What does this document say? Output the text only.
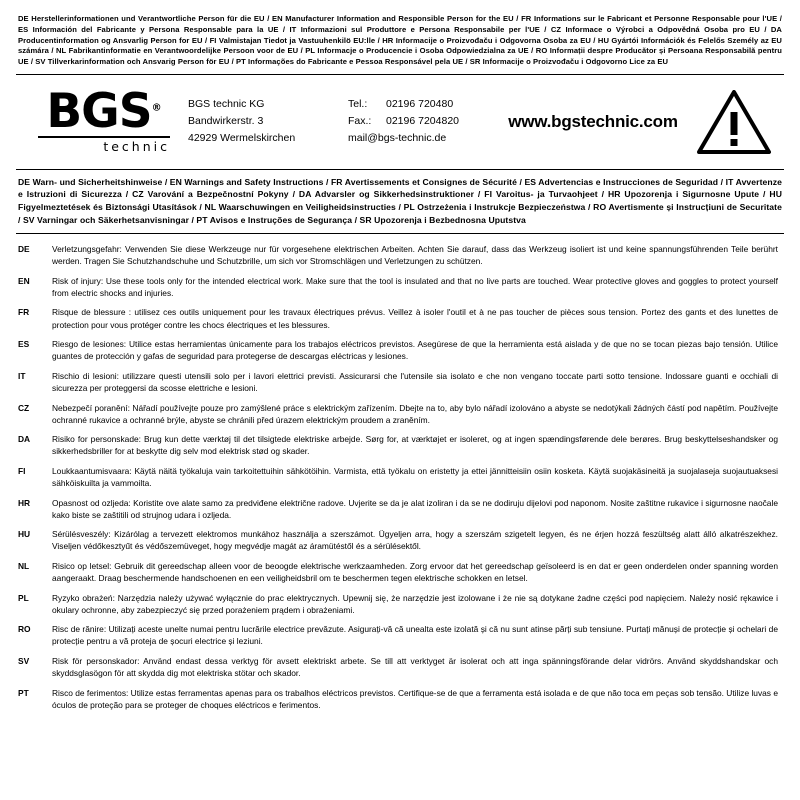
DE Herstellerinformationen und Verantwortliche Person für die EU / EN Manufacturer Information and Responsible Person for the EU / FR Informations sur le Fabricant et Personne Responsable pour l'UE / ES Información del Fabricante y Persona Responsable para la UE / IT Informazioni sul Produttore e Persona Responsabile per l'UE / CZ Informace o Výrobci a Odpovědná Osoba pro EU / DA Producentinformation og Ansvarlig Person for EU / FI Valmistajan Tiedot ja Vastuuhenkilö EU:lle / HR Informacije o Proizvođaču i Odgovorna Osoba za EU / HU Gyártói Információk és Felelős Személy az EU számára / NL Fabrikantinformatie en Verantwoordelijke Persoon voor de EU / PL Informacje o Producencie i Osoba Odpowiedzialna za UE / RO Informații despre Producător și Persoana Responsabilă pentru UE / SV Tillverkarinformation och Ansvarig Person för EU / PT Informações do Fabricante e Pessoa Responsável pela UE / SR Informacije o Proizvođaču i Odgovorno Lice za EU
BGS®
technic
BGS technic KG
Bandwirkerstr. 3
42929 Wermelskirchen
Tel.:	02196 720480
Fax.:	02196 7204820
mail@bgs-technic.de
www.bgstechnic.com
DE Warn- und Sicherheitshinweise / EN Warnings and Safety Instructions / FR Avertissements et Consignes de Sécurité / ES Advertencias e Instrucciones de Seguridad / IT Avvertenze e Istruzioni di Sicurezza / CZ Varování a Bezpečnostní Pokyny / DA Advarsler og Sikkerhedsinstruktioner / FI Varoitus- ja Turvaohjeet / HR Upozorenja i Sigurnosne Upute / HU Figyelmeztetések és Biztonsági Utasítások / NL Waarschuwingen en Veiligheidsinstructies / PL Ostrzeżenia i Instrukcje Bezpieczeństwa / RO Avertismente și Instrucțiuni de Securitate / SV Varningar och Säkerhetsanvisningar / PT Avisos e Instruções de Segurança / SR Upozorenja i Bezbednosna Uputstva
DE	Verletzungsgefahr: Verwenden Sie diese Werkzeuge nur für vorgesehene elektrischen Arbeiten. Achten Sie darauf, dass das Werkzeug isoliert ist und keine spannungsführenden Teile berührt werden. Tragen Sie Schutzhandschuhe und Schutzbrille, um sich vor Stromschlägen und Verletzungen zu schützen.
EN	Risk of injury: Use these tools only for the intended electrical work. Make sure that the tool is insulated and that no live parts are touched. Wear protective gloves and goggles to protect yourself from electric shocks and injuries.
FR	Risque de blessure : utilisez ces outils uniquement pour les travaux électriques prévus. Veillez à isoler l'outil et à ne pas toucher de pièces sous tension. Portez des gants et des lunettes de protection pour vous protéger contre les chocs électriques et les blessures.
ES	Riesgo de lesiones: Utilice estas herramientas únicamente para los trabajos eléctricos previstos. Asegúrese de que la herramienta está aislada y de que no se tocan piezas bajo tensión. Utilice guantes de protección y gafas de seguridad para protegerse de descargas eléctricas y lesiones.
IT	Rischio di lesioni: utilizzare questi utensili solo per i lavori elettrici previsti. Assicurarsi che l'utensile sia isolato e che non vengano toccate parti sotto tensione. Indossare guanti e occhiali di sicurezza per proteggersi da scosse elettriche e lesioni.
CZ	Nebezpečí poranění: Nářadí používejte pouze pro zamýšlené práce s elektrickým zařízením. Dbejte na to, aby bylo nářadí izolováno a abyste se nedotýkali žádných částí pod napětím. Používejte ochranné rukavice a ochranné brýle, abyste se chránili před úrazem elektrickým proudem a zraněním.
DA	Risiko for personskade: Brug kun dette værktøj til det tilsigtede elektriske arbejde. Sørg for, at værktøjet er isoleret, og at ingen spændingsførende dele berøres. Brug beskyttelseshandsker og sikkerhedsbriller for at beskytte dig selv mod elektrisk stød og skader.
FI	Loukkaantumisvaara: Käytä näitä työkaluja vain tarkoitettuihin sähkötöihin. Varmista, että työkalu on eristetty ja ettei jännitteisiin osiin kosketa. Käytä suojakäsineitä ja suojalaseja suojautuaksesi sähköiskuilta ja vammoilta.
HR	Opasnost od ozljeda: Koristite ove alate samo za predviđene električne radove. Uvjerite se da je alat izoliran i da se ne dodiruju dijelovi pod naponom. Nosite zaštitne rukavice i sigurnosne naočale kako biste se zaštitili od strujnog udara i ozljeda.
HU	Sérülésveszély: Kizárólag a tervezett elektromos munkához használja a szerszámot. Ügyeljen arra, hogy a szerszám szigetelt legyen, és ne érjen hozzá feszültség alatt álló alkatrészekhez. Viseljen védőkesztyűt és védőszemüveget, hogy megvédje magát az áramütéstől és a sérülésektől.
NL	Risico op letsel: Gebruik dit gereedschap alleen voor de beoogde elektrische werkzaamheden. Zorg ervoor dat het gereedschap geïsoleerd is en dat er geen onderdelen onder spanning worden aangeraakt. Draag beschermende handschoenen en een veiligheidsbril om te beschermen tegen elektrische schokken en letsel.
PL	Ryzyko obrażeń: Narzędzia należy używać wyłącznie do prac elektrycznych. Upewnij się, że narzędzie jest izolowane i że nie są dotykane żadne części pod napięciem. Należy nosić rękawice i okulary ochronne, aby zabezpieczyć się przed porażeniem prądem i obrażeniami.
RO	Risc de rănire: Utilizați aceste unelte numai pentru lucrările electrice prevăzute. Asigurați-vă că unealta este izolată și că nu sunt atinse părți sub tensiune. Purtați mănuși de protecție și ochelari de protecție pentru a vă proteja de șocuri electrice și leziuni.
SV	Risk för personskador: Använd endast dessa verktyg för avsett elektriskt arbete. Se till att verktyget är isolerat och att inga spänningsförande delar vidrörs. Använd skyddshandskar och skyddsglasögon för att skydda dig mot elektriska stötar och skador.
PT	Risco de ferimentos: Utilize estas ferramentas apenas para os trabalhos eléctricos previstos. Certifique-se de que a ferramenta está isolada e de que não toca em peças sob tensão. Utilize luvas e óculos de proteção para se proteger de choques eléctricos e ferimentos.
